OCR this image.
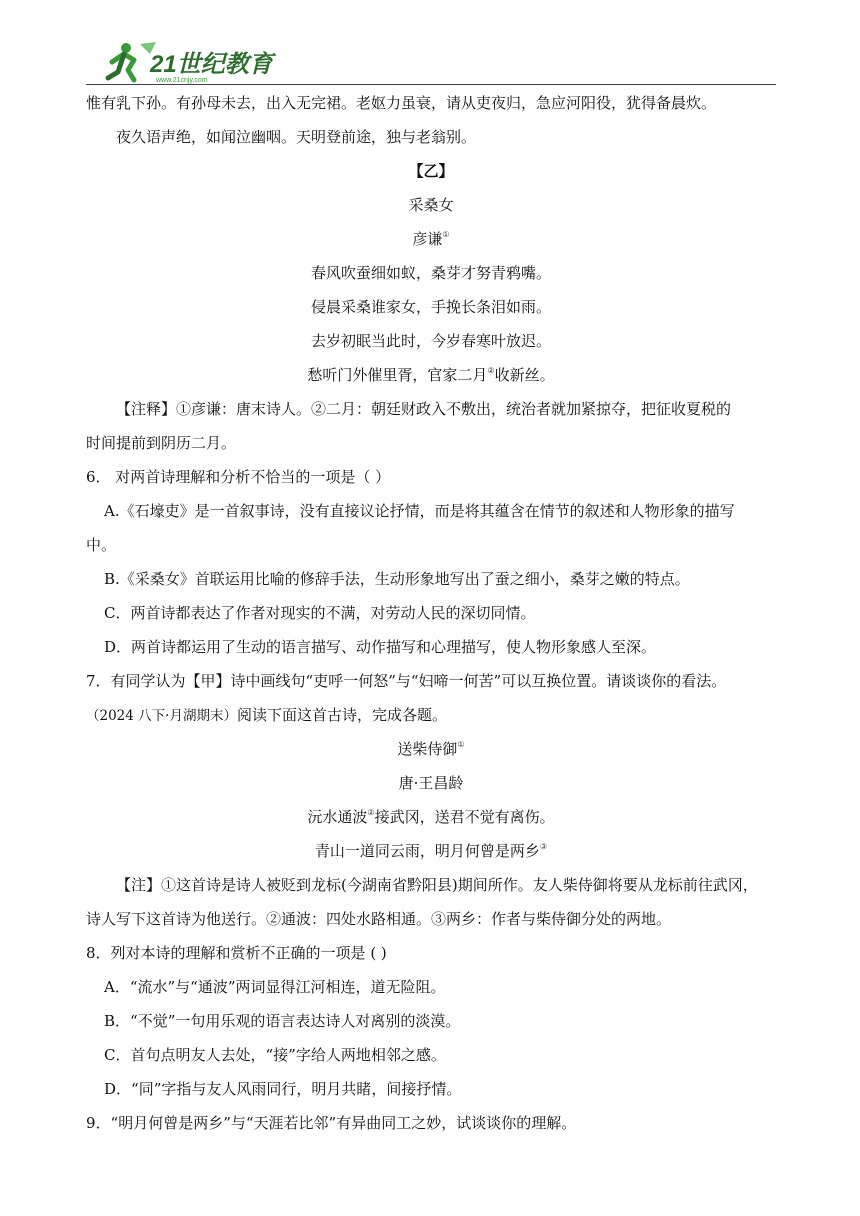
21世纪教育
www.21cnjy.com
惟有乳下孙。有孙母未去，出入无完裙。老妪力虽衰，请从吏夜归，急应河阳役，犹得备晨炊。
夜久语声绝，如闻泣幽咽。天明登前途，独与老翁别。
【乙】
采桑女
彦谦①
春风吹蚕细如蚁，桑芽才努青鸦嘴。
侵晨采桑谁家女，手挽长条泪如雨。
去岁初眠当此时，今岁春寒叶放迟。
愁听门外催里胥，官家二月②收新丝。
【注释】①彦谦：唐末诗人。②二月：朝廷财政入不敷出，统治者就加紧掠夺，把征收夏税的
时间提前到阴历二月。
6． 对两首诗理解和分析不恰当的一项是（ ）
A.《石壕吏》是一首叙事诗，没有直接议论抒情，而是将其蕴含在情节的叙述和人物形象的描写
中。
B.《采桑女》首联运用比喻的修辞手法，生动形象地写出了蚕之细小，桑芽之嫩的特点。
C．两首诗都表达了作者对现实的不满，对劳动人民的深切同情。
D．两首诗都运用了生动的语言描写、动作描写和心理描写，使人物形象感人至深。
7．有同学认为【甲】诗中画线句“吏呼一何怒”与“妇啼一何苦”可以互换位置。请谈谈你的看法。
（2024 八下·月湖期末）阅读下面这首古诗，完成各题。
送柴侍御①
唐·王昌龄
沅水通波②接武冈，送君不觉有离伤。
青山一道同云雨，明月何曾是两乡③
【注】①这首诗是诗人被贬到龙标(今湖南省黔阳县)期间所作。友人柴侍御将要从龙标前往武冈，
诗人写下这首诗为他送行。②通波：四处水路相通。③两乡：作者与柴侍御分处的两地。
8．列对本诗的理解和赏析不正确的一项是 ( )
A．“流水”与“通波”两词显得江河相连，道无险阻。
B．“不觉”一句用乐观的语言表达诗人对离别的淡漠。
C．首句点明友人去处，“接”字给人两地相邻之感。
D．“同”字指与友人风雨同行，明月共睹，间接抒情。
9．“明月何曾是两乡”与“天涯若比邻”有异曲同工之妙，试谈谈你的理解。
